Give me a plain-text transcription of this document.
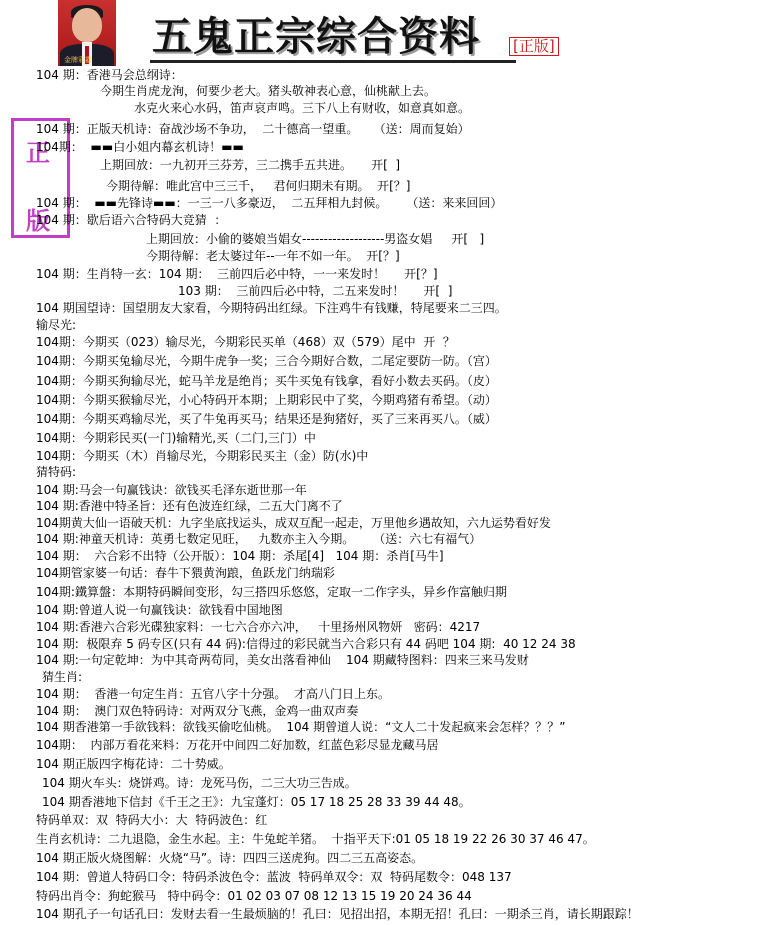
金牌彩霸 五鬼正宗综合资料 [正版]
正
版
104 期：香港马会总纲诗：
今期生肖虎龙洵，何要少老大。猪头敬神表心意，仙桃献上去。
水克火来心水码，笛声哀声鸣。三下八上有财收，如意真如意。
104 期：正版天机诗：奋战沙场不争功，  二十德高一望重。    （送：周而复始）
104期：  ▬▬白小姐内幕玄机诗！▬▬
上期回放：一九初开三芬芳，三二携手五共进。     开[  ]
今期待解：唯此宫中三三千，   君何归期未有期。  开[？]
104 期：  ▬▬先锋诗▬▬：一三一八多豪迈，  二五拜相九封候。     （送：来来回回）
104 期：歇后语六合特码大竞猜  ：
上期回放：小偷的婆娘当娼女-------------------男盗女娼     开[   ]
今期待解：老太婆过年--一年不如一年。  开[？]
104 期：生肖特一玄：104 期：  三前四后必中特，一一来发时！     开[？]
103 期：  三前四后必中特，二五来发时！     开[  ]
104 期国望诗：国望朋友大家看，今期特码出红绿。下注鸡牛有钱赚，特尾要来二三四。
输尽光:
104期：今期买（023）输尽光，今期彩民买单（468）双（579）尾中  开  ？
104期：今期买兔输尽光，今期牛虎争一奖；三合今期好合数，二尾定要防一防。（宫）
104期：今期买狗输尽光，蛇马羊龙是绝肖；买牛买兔有钱拿，看好小数去买码。（皮）
104期：今期买猴输尽光，小心特码开本期；上期彩民中了奖，今期鸡猪有希望。（动）
104期：今期买鸡输尽光，买了牛兔再买马；结果还是狗猪好，买了三来再买八。（威）
104期：今期彩民买(一门)输精光,买（二门,三门）中
104期：今期买（木）肖输尽光，今期彩民买主（金）防(水)中
猜特码:
104 期:马会一句赢钱诀：欲钱买毛泽东逝世那一年
104 期:香港中特圣旨：还有色波连红绿，二五大门离不了
104期黄大仙一语破天机：九字坐底找运头，成双互配一起走，万里他乡遇故知，六九运势看好发
104 期:神童天机诗：英勇七数定见旺，   九数亦主入今期。     （送：六七有福气）
104 期：  六合彩不出特（公开版）：104 期：杀尾[4]   104 期：杀肖[马牛]
104期管家婆一句话：春牛下猥黄洵踉，鱼跃龙门纳瑞彩
104期:鐵算盤：本期特码瞬间变形，勾三搭四乐悠悠，定取一二作字头，异乡作富触归期
104 期:曾道人说一句赢钱诀：欲钱看中国地图
104 期:香港六合彩光碟独家料：一七六合亦六冲，   十里扬州风物妍   密码：4217
104 期:  极限弃 5 码专区(只有 44 码):信得过的彩民就当六合彩只有 44 码吧 104 期:  40 12 24 38
104 期:一句定乾坤：为中其奇两苟同，美女出落看神仙    104 期藏特图料：四来三来马发财
猜生肖:
104 期：  香港一句定生肖：五官八字十分强。  才高八门日上东。
104 期：  澳门双色特码诗：对两双分飞燕，金鸡一曲双声奏
104 期香港第一手欲钱料：欲钱买偷吃仙桃。  104 期曾道人说：“文人二十发起疯来会怎样？？？”
104期：  内部万看花来料：万花开中间四二好加数，红蓝色彩尽显龙藏马居
104 期正版四字梅花诗：二十势威。
104 期火车头：烧饼鸡。诗：龙死马伤，二三大功三告成。
104 期香港地下信封《千王之王》：九宝蓬灯：05 17 18 25 28 33 39 44 48。
特码单双：双  特码大小：大  特码波色：红
生肖玄机诗：二九退隐，金生水起。主：牛兔蛇羊猪。  十指平天下:01 05 18 19 22 26 30 37 46 47。
104 期正版火烧图解：火烧“马”。诗：四四三送虎狗。四二三五高姿态。
104 期：曾道人特码口令：特码杀波色令：蓝波  特码单双令：双  特码尾数令：048 137
特码出肖令：狗蛇猴马   特中码令：01 02 03 07 08 12 13 15 19 20 24 36 44
104 期孔子一句话孔曰：发财去看一生最烦脑的！孔曰：见招出招，本期无招！孔曰：一期杀三肖，请长期跟踪！
